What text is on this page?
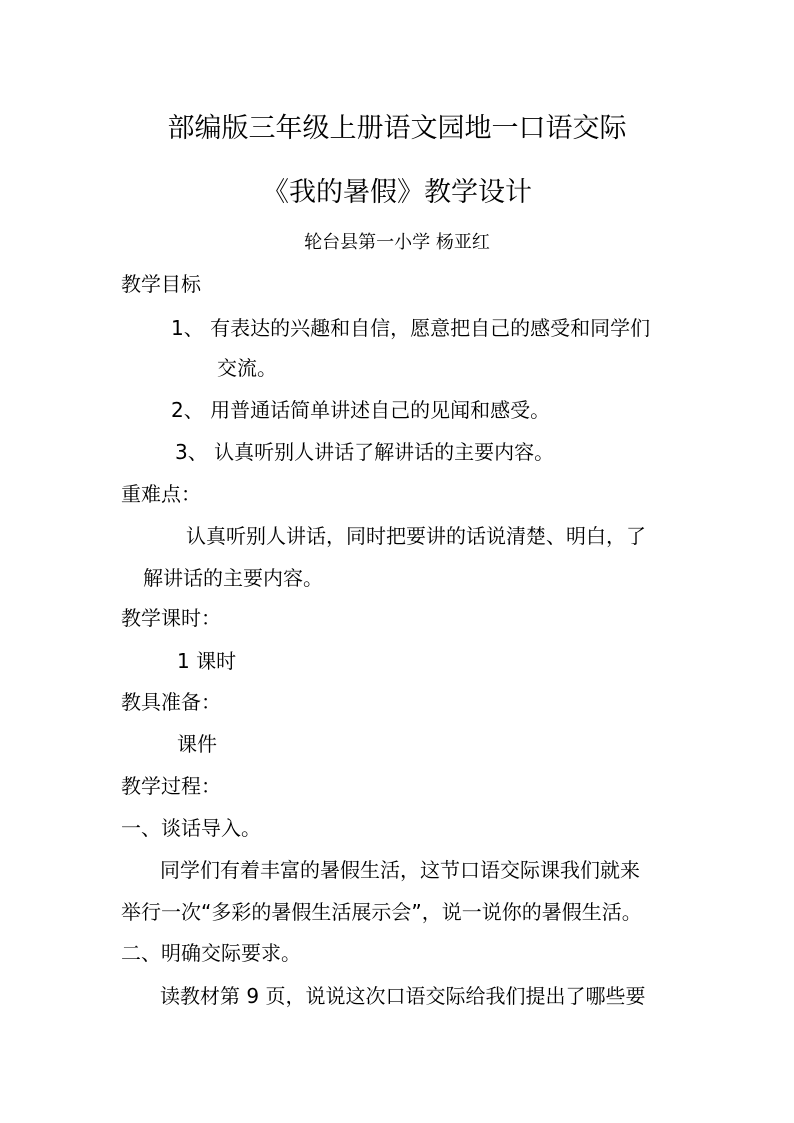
部编版三年级上册语文园地一口语交际
《我的暑假》教学设计
轮台县第一小学 杨亚红
教学目标
1、 有表达的兴趣和自信，愿意把自己的感受和同学们
交流。
2、 用普通话简单讲述自己的见闻和感受。
3、 认真听别人讲话了解讲话的主要内容。
重难点：
认真听别人讲话，同时把要讲的话说清楚、明白，了
解讲话的主要内容。
教学课时：
1 课时
教具准备：
课件
教学过程：
一、谈话导入。
同学们有着丰富的暑假生活，这节口语交际课我们就来
举行一次“多彩的暑假生活展示会”，说一说你的暑假生活。
二、明确交际要求。
读教材第 9 页，说说这次口语交际给我们提出了哪些要
